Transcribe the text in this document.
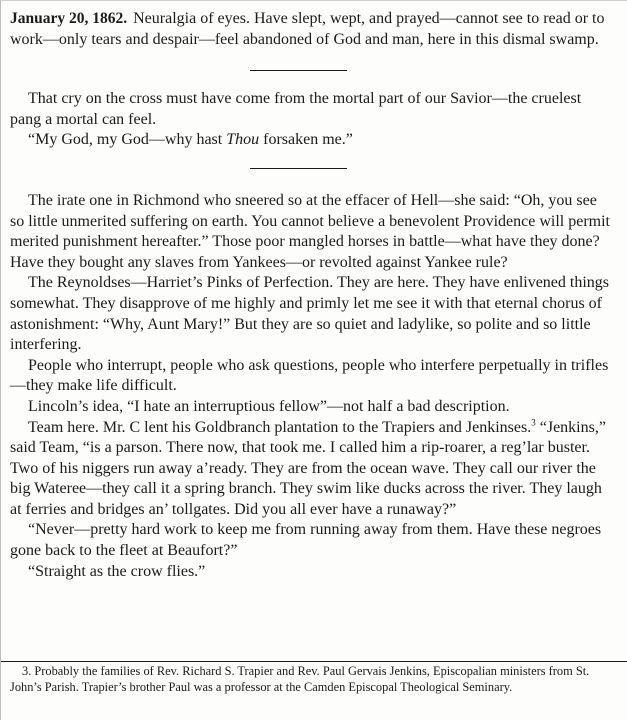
January 20, 1862. Neuralgia of eyes. Have slept, wept, and prayed—cannot see to read or to work—only tears and despair—feel abandoned of God and man, here in this dismal swamp.

That cry on the cross must have come from the mortal part of our Savior—the cruelest pang a mortal can feel.

“My God, my God—why hast Thou forsaken me.”

The irate one in Richmond who sneered so at the effacer of Hell—she said: “Oh, you see so little unmerited suffering on earth. You cannot believe a benevolent Providence will permit merited punishment hereafter.” Those poor mangled horses in battle—what have they done? Have they bought any slaves from Yankees—or revolted against Yankee rule?

The Reynoldses—Harriet’s Pinks of Perfection. They are here. They have enlivened things somewhat. They disapprove of me highly and primly let me see it with that eternal chorus of astonishment: “Why, Aunt Mary!” But they are so quiet and ladylike, so polite and so little interfering.

People who interrupt, people who ask questions, people who interfere perpetually in trifles—they make life difficult.

Lincoln’s idea, “I hate an interruptious fellow”—not half a bad description.

Team here. Mr. C lent his Goldbranch plantation to the Trapiers and Jenkinses.$^3$ “Jenkins,” said Team, “is a parson. There now, that took me. I called him a rip-roarer, a reg’lar buster. Two of his niggers run away a’ready. They are from the ocean wave. They call our river the big Wateree—they call it a spring branch. They swim like ducks across the river. They laugh at ferries and bridges an’ tollgates. Did you all ever have a runaway?”

“Never—pretty hard work to keep me from running away from them. Have these negroes gone back to the fleet at Beaufort?”

“Straight as the crow flies.”

3. Probably the families of Rev. Richard S. Trapier and Rev. Paul Gervais Jenkins, Episcopalian ministers from St. John’s Parish. Trapier’s brother Paul was a professor at the Camden Episcopal Theological Seminary.
